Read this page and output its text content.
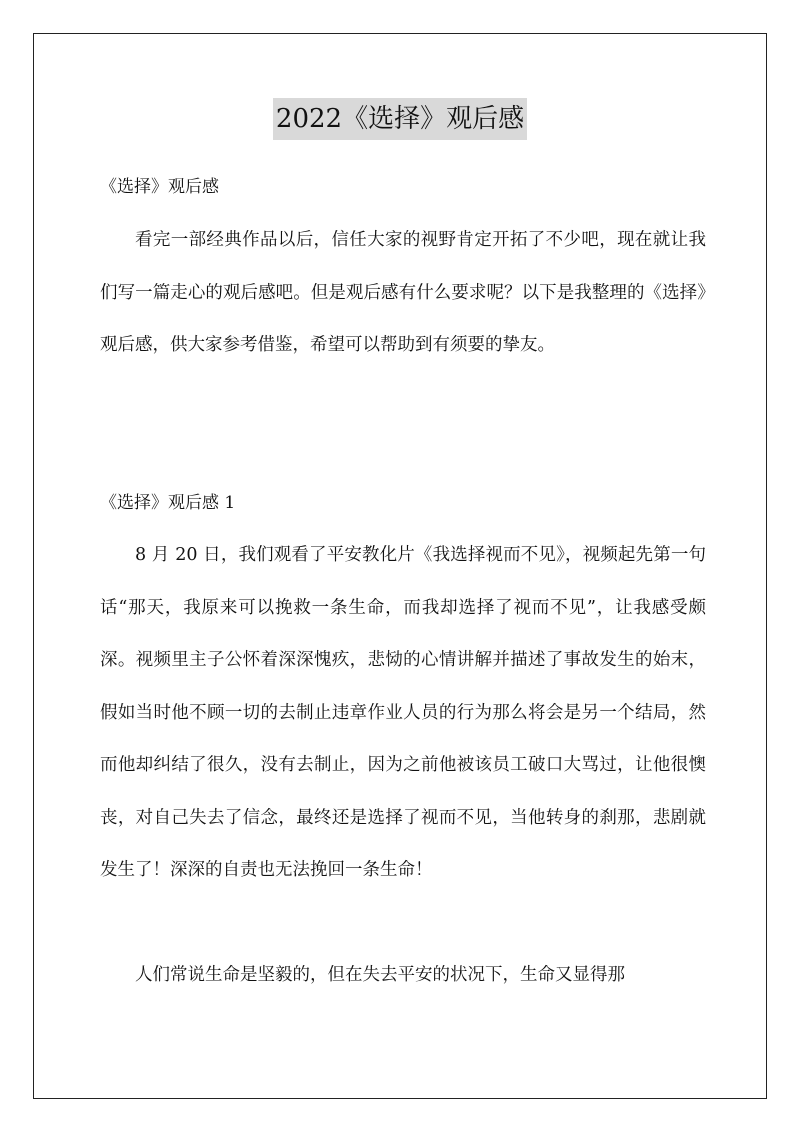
2022《选择》观后感
《选择》观后感

看完一部经典作品以后，信任大家的视野肯定开拓了不少吧，现在就让我们写一篇走心的观后感吧。但是观后感有什么要求呢？以下是我整理的《选择》观后感，供大家参考借鉴，希望可以帮助到有须要的挚友。

《选择》观后感 1

8 月 20 日，我们观看了平安教化片《我选择视而不见》，视频起先第一句话“那天，我原来可以挽救一条生命，而我却选择了视而不见”，让我感受颇深。视频里主子公怀着深深愧疚，悲恸的心情讲解并描述了事故发生的始末，假如当时他不顾一切的去制止违章作业人员的行为那么将会是另一个结局，然而他却纠结了很久，没有去制止，因为之前他被该员工破口大骂过，让他很懊丧，对自己失去了信念，最终还是选择了视而不见，当他转身的刹那，悲剧就发生了！深深的自责也无法挽回一条生命！

人们常说生命是坚毅的，但在失去平安的状况下，生命又显得那
